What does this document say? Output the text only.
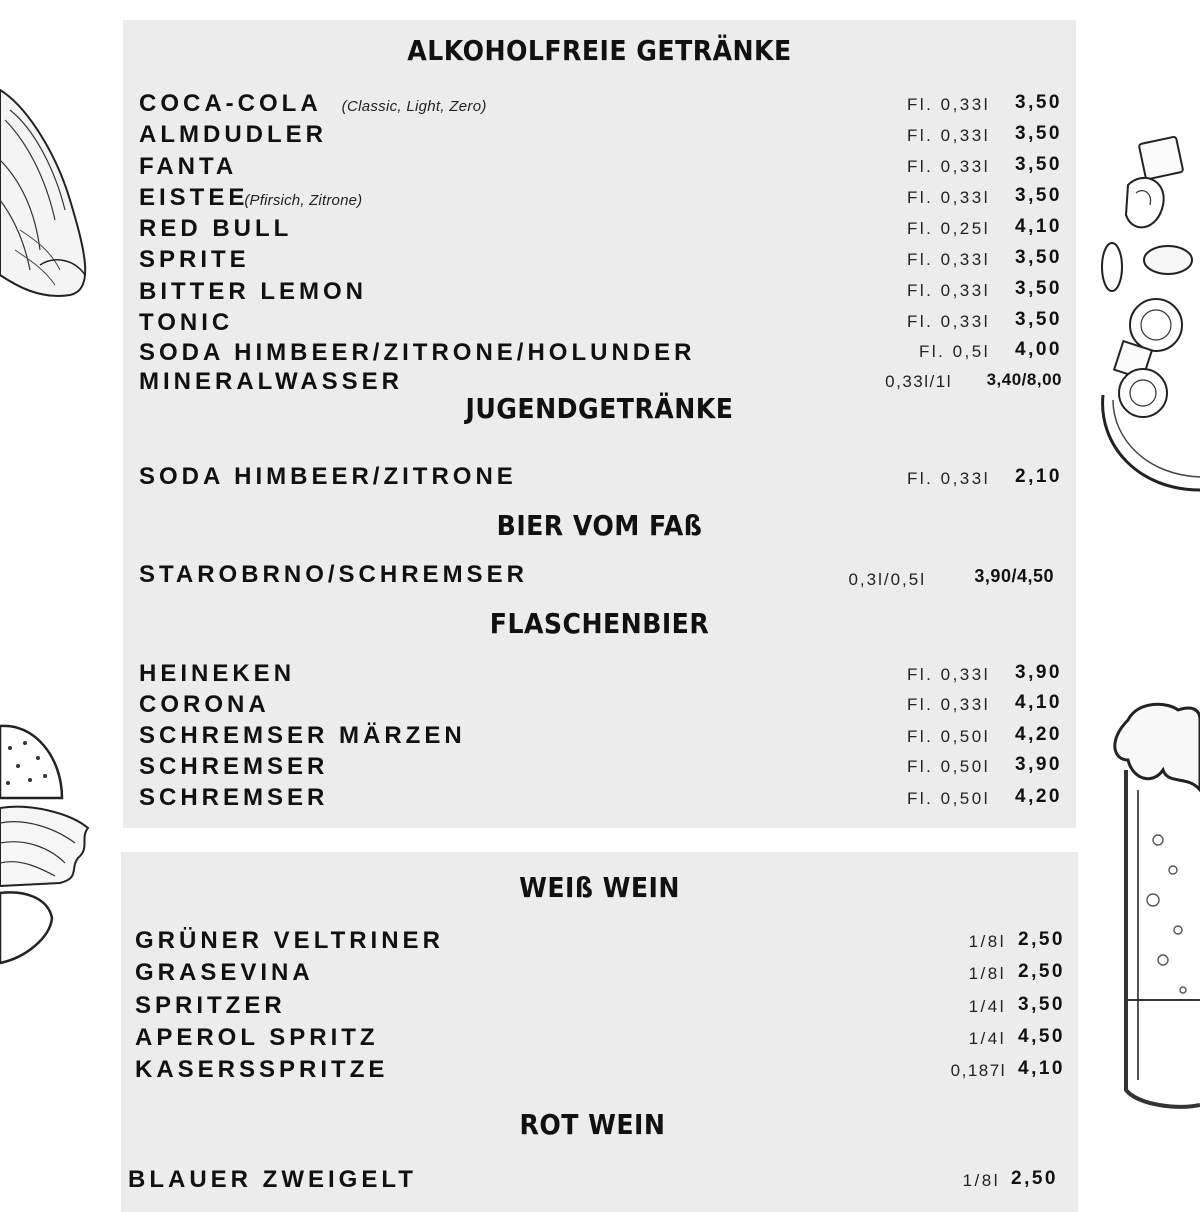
ALKOHOLFREIE GETRÄNKE
COCA-COLA (Classic, Light, Zero)	Fl. 0,33l 3,50
ALMDUDLER	Fl. 0,33l 3,50
FANTA	Fl. 0,33l 3,50
EISTEE(Pfirsich, Zitrone)	Fl. 0,33l 3,50
RED BULL	Fl. 0,25l 4,10
SPRITE	Fl. 0,33l 3,50
BITTER LEMON	Fl. 0,33l 3,50
TONIC	Fl. 0,33l 3,50
SODA HIMBEER/ZITRONE/HOLUNDER	Fl. 0,5l 4,00
MINERALWASSER	0,33l/1l 3,40/8,00
JUGENDGETRÄNKE
SODA HIMBEER/ZITRONE	Fl. 0,33l 2,10
BIER VOM FAß
STAROBRNO/SCHREMSER	0,3l/0,5l	3,90/4,50
FLASCHENBIER
HEINEKEN	Fl. 0,33l 3,90
CORONA	Fl. 0,33l 4,10
SCHREMSER MÄRZEN	Fl. 0,50l 4,20
SCHREMSER	Fl. 0,50l 3,90
SCHREMSER	Fl. 0,50l 4,20
WEIß WEIN
GRÜNER VELTRINER	1/8l 2,50
GRASEVINA	1/8l 2,50
SPRITZER	1/4l 3,50
APEROL SPRITZ	1/4l 4,50
KASERSSPRITZE	0,187l 4,10
ROT WEIN
BLAUER ZWEIGELT	1/8l 2,50
